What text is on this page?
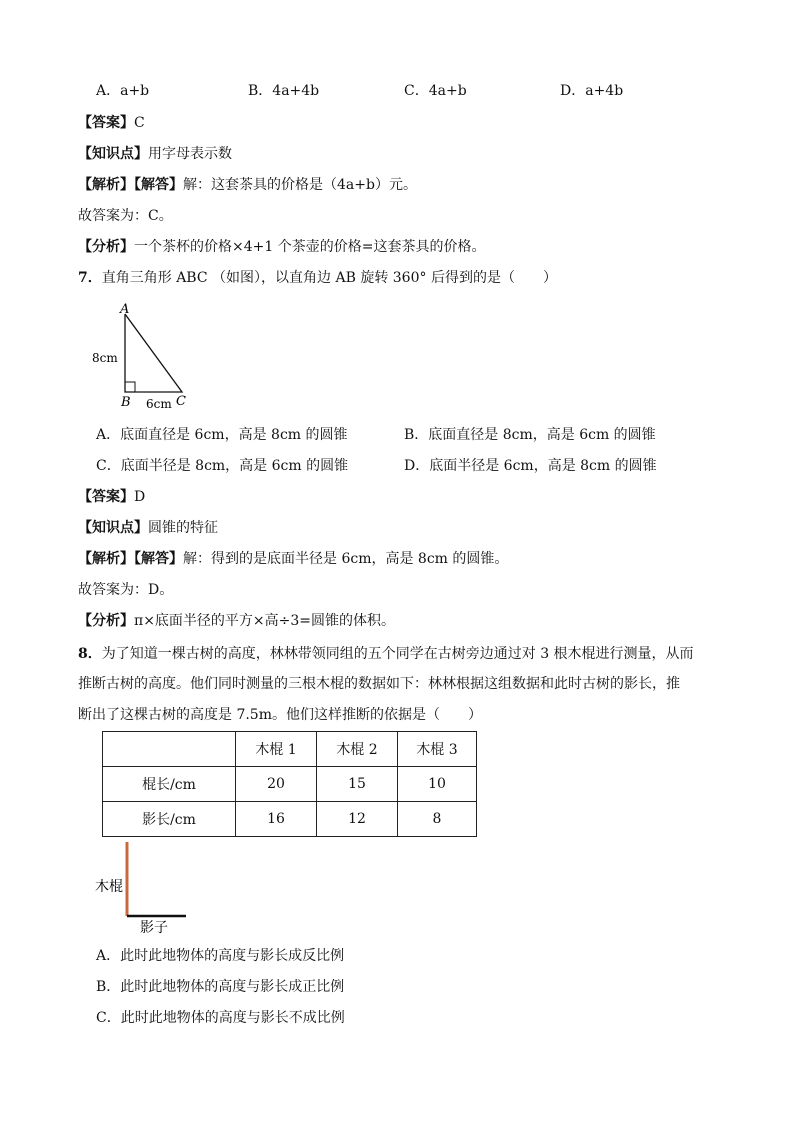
A．a+b	B．4a+4b	C．4a+b	D．a+4b
【答案】C
【知识点】用字母表示数
【解析】【解答】解：这套茶具的价格是（4a+b）元。
故答案为：C。
【分析】一个茶杯的价格×4+1 个茶壶的价格=这套茶具的价格。
7．直角三角形 ABC （如图），以直角边 AB 旋转 360° 后得到的是（　　）
A
B	C
8cm
6cm
A．底面直径是 6cm，高是 8cm 的圆锥	B．底面直径是 8cm，高是 6cm 的圆锥
C．底面半径是 8cm，高是 6cm 的圆锥	D．底面半径是 6cm，高是 8cm 的圆锥
【答案】D
【知识点】圆锥的特征
【解析】【解答】解：得到的是底面半径是 6cm，高是 8cm 的圆锥。
故答案为：D。
【分析】π×底面半径的平方×高÷3=圆锥的体积。
8．为了知道一棵古树的高度，林林带领同组的五个同学在古树旁边通过对 3 根木棍进行测量，从而
推断古树的高度。他们同时测量的三根木棍的数据如下：林林根据这组数据和此时古树的影长，推
断出了这棵古树的高度是 7.5m。他们这样推断的依据是（　　）
	木棍 1	木棍 2	木棍 3
棍长/cm	20	15	10
影长/cm	16	12	8
木棍
影子
A．此时此地物体的高度与影长成反比例
B．此时此地物体的高度与影长成正比例
C．此时此地物体的高度与影长不成比例
